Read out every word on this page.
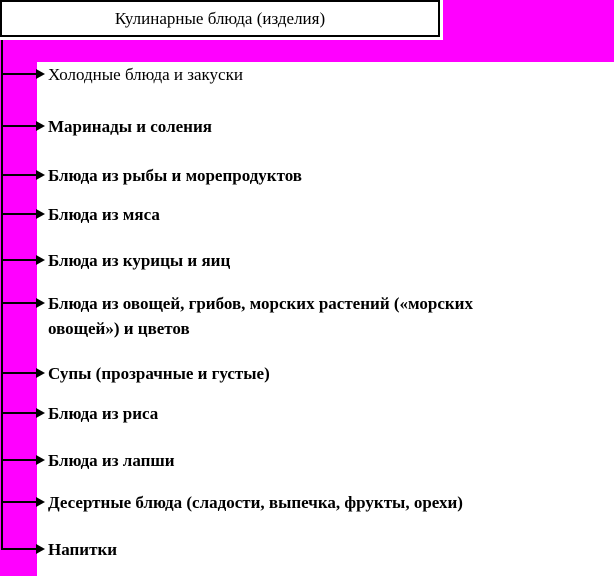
Кулинарные блюда (изделия)
Холодные блюда и закуски
Маринады и соления
Блюда из рыбы и морепродуктов
Блюда из мяса
Блюда из курицы и яиц
Блюда из овощей, грибов, морских растений («морских овощей») и цветов
Супы (прозрачные и густые)
Блюда из риса
Блюда из лапши
Десертные блюда (сладости, выпечка, фрукты, орехи)
Напитки
